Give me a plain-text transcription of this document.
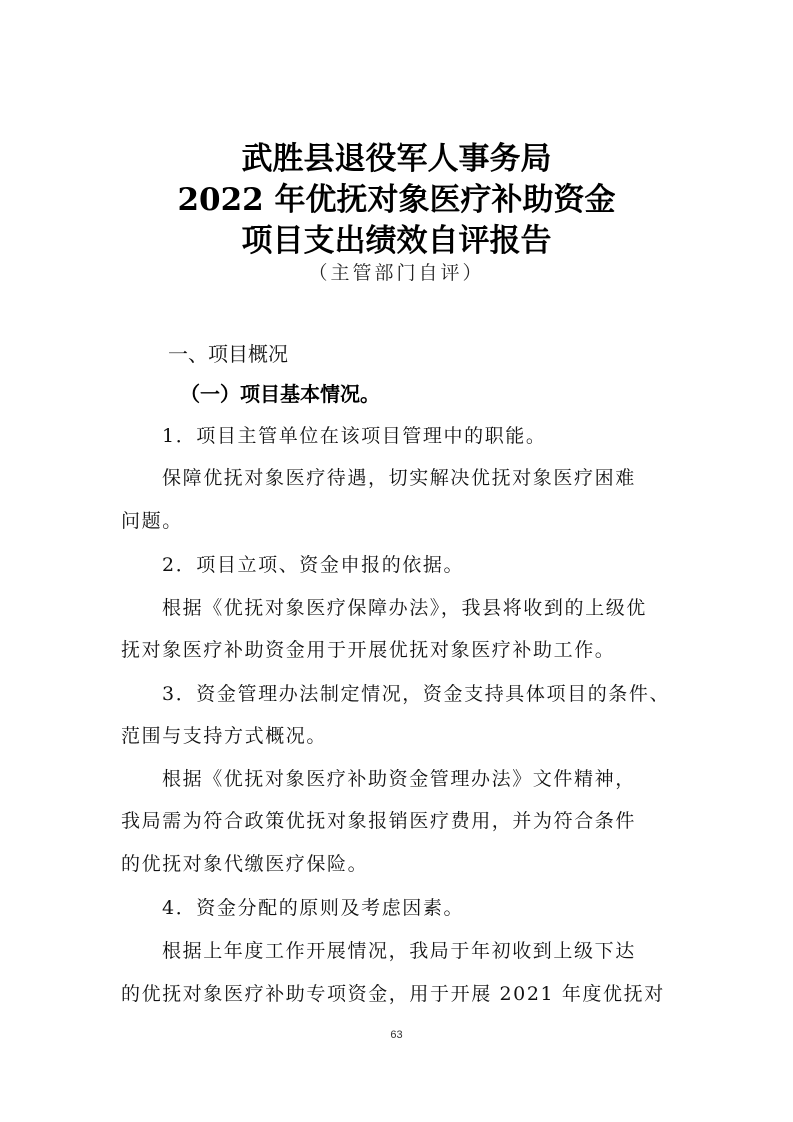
武胜县退役军人事务局
2022 年优抚对象医疗补助资金
项目支出绩效自评报告
（主管部门自评）
一、项目概况
（一）项目基本情况。
1．项目主管单位在该项目管理中的职能。
保障优抚对象医疗待遇，切实解决优抚对象医疗困难
问题。
2．项目立项、资金申报的依据。
根据《优抚对象医疗保障办法》，我县将收到的上级优
抚对象医疗补助资金用于开展优抚对象医疗补助工作。
3．资金管理办法制定情况，资金支持具体项目的条件、
范围与支持方式概况。
根据《优抚对象医疗补助资金管理办法》文件精神，
我局需为符合政策优抚对象报销医疗费用，并为符合条件
的优抚对象代缴医疗保险。
4．资金分配的原则及考虑因素。
根据上年度工作开展情况，我局于年初收到上级下达
的优抚对象医疗补助专项资金，用于开展 2021 年度优抚对
63
